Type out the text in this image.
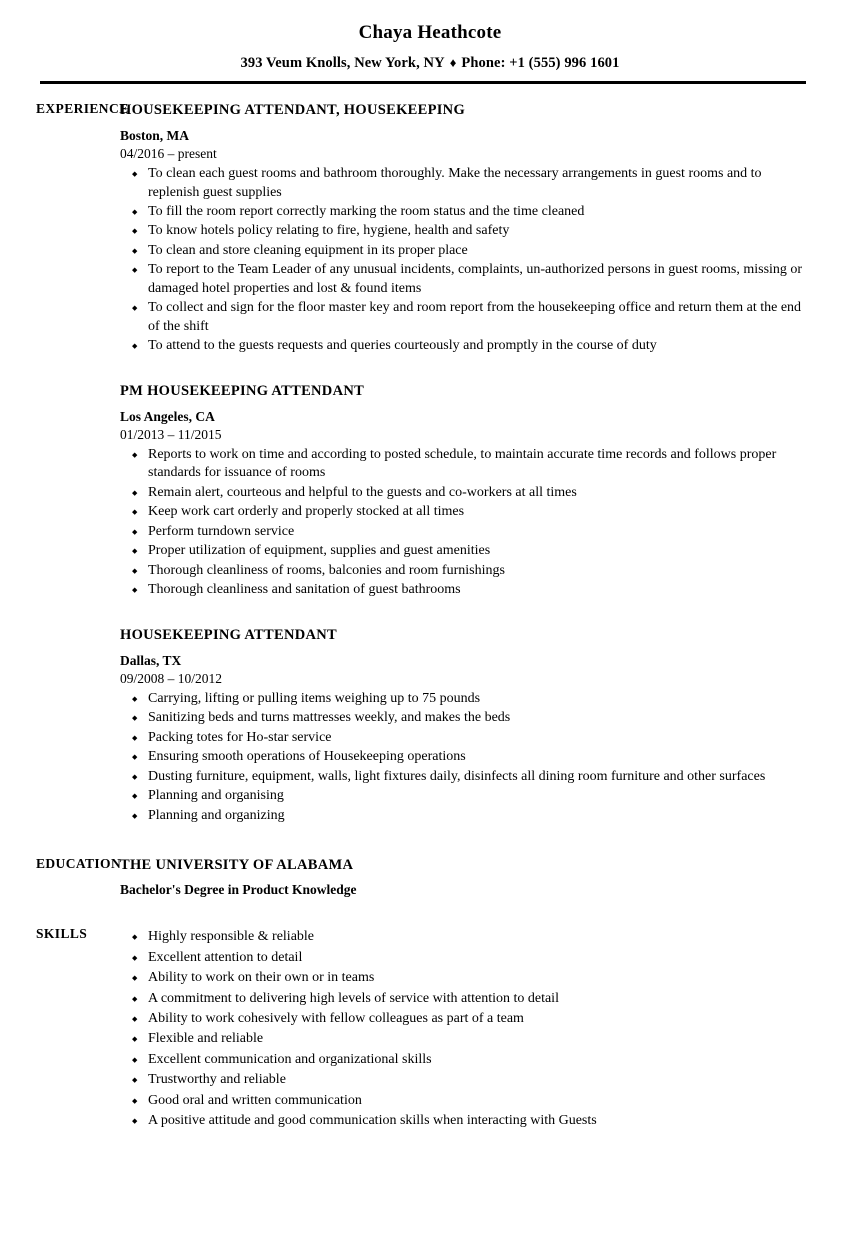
Chaya Heathcote
393 Veum Knolls, New York, NY ♦ Phone: +1 (555) 996 1601
EXPERIENCE
HOUSEKEEPING ATTENDANT, HOUSEKEEPING
Boston, MA
04/2016 – present
◆ To clean each guest rooms and bathroom thoroughly. Make the necessary arrangements in guest rooms and to replenish guest supplies
◆ To fill the room report correctly marking the room status and the time cleaned
◆ To know hotels policy relating to fire, hygiene, health and safety
◆ To clean and store cleaning equipment in its proper place
◆ To report to the Team Leader of any unusual incidents, complaints, un-authorized persons in guest rooms, missing or damaged hotel properties and lost & found items
◆ To collect and sign for the floor master key and room report from the housekeeping office and return them at the end of the shift
◆ To attend to the guests requests and queries courteously and promptly in the course of duty
PM HOUSEKEEPING ATTENDANT
Los Angeles, CA
01/2013 – 11/2015
◆ Reports to work on time and according to posted schedule, to maintain accurate time records and follows proper standards for issuance of rooms
◆ Remain alert, courteous and helpful to the guests and co-workers at all times
◆ Keep work cart orderly and properly stocked at all times
◆ Perform turndown service
◆ Proper utilization of equipment, supplies and guest amenities
◆ Thorough cleanliness of rooms, balconies and room furnishings
◆ Thorough cleanliness and sanitation of guest bathrooms
HOUSEKEEPING ATTENDANT
Dallas, TX
09/2008 – 10/2012
◆ Carrying, lifting or pulling items weighing up to 75 pounds
◆ Sanitizing beds and turns mattresses weekly, and makes the beds
◆ Packing totes for Ho-star service
◆ Ensuring smooth operations of Housekeeping operations
◆ Dusting furniture, equipment, walls, light fixtures daily, disinfects all dining room furniture and other surfaces
◆ Planning and organising
◆ Planning and organizing
EDUCATION
THE UNIVERSITY OF ALABAMA
Bachelor's Degree in Product Knowledge
SKILLS	◆ Highly responsible & reliable
◆ Excellent attention to detail
◆ Ability to work on their own or in teams
◆ A commitment to delivering high levels of service with attention to detail
◆ Ability to work cohesively with fellow colleagues as part of a team
◆ Flexible and reliable
◆ Excellent communication and organizational skills
◆ Trustworthy and reliable
◆ Good oral and written communication
◆ A positive attitude and good communication skills when interacting with Guests
